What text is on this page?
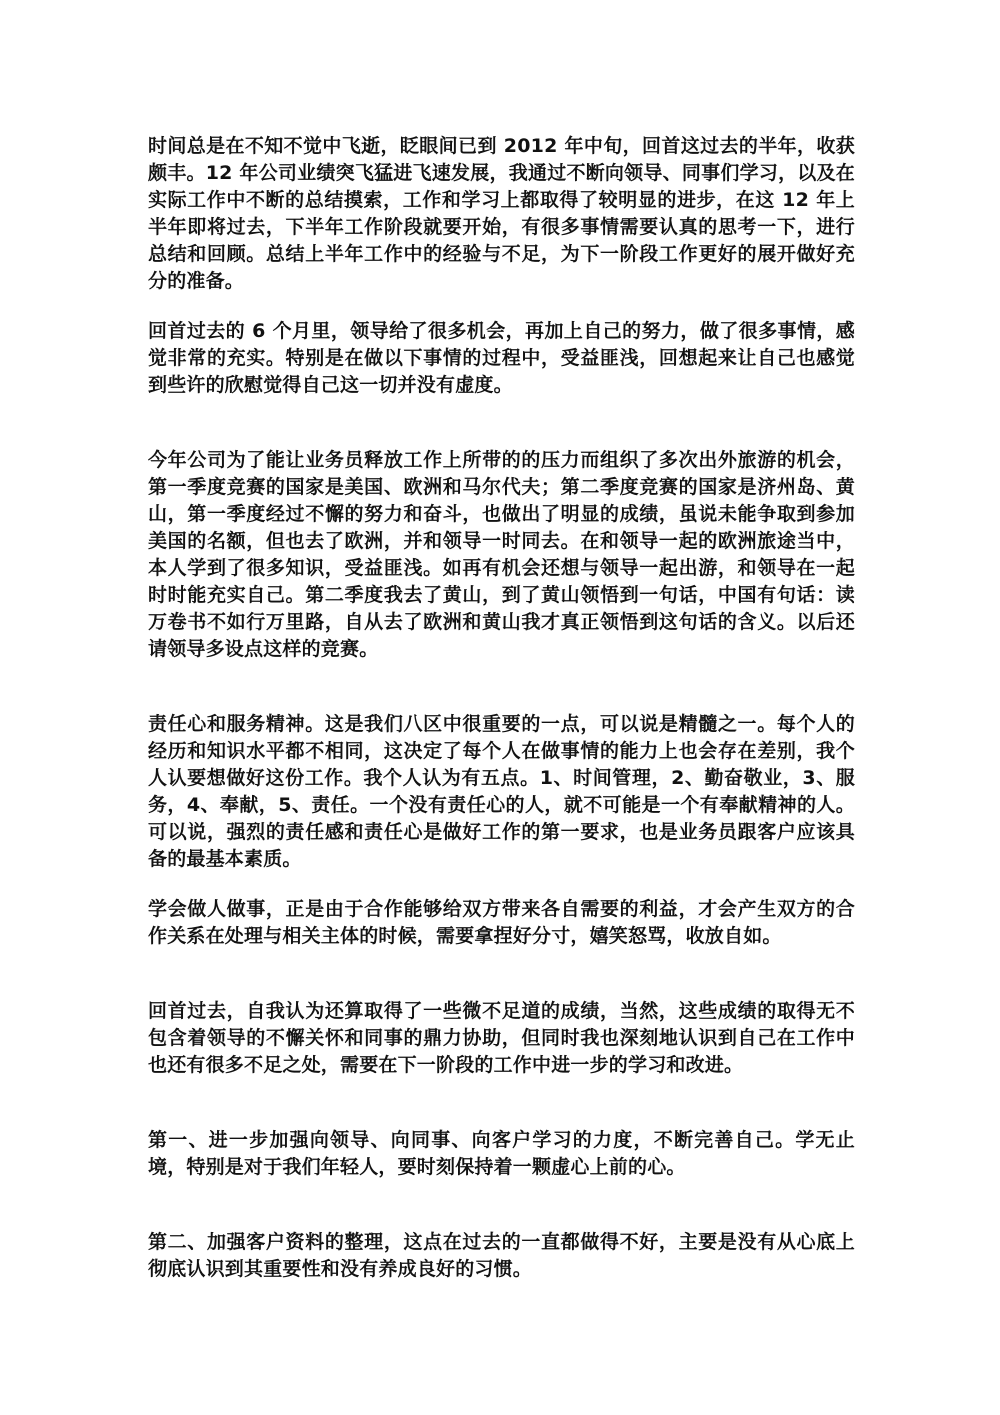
时间总是在不知不觉中飞逝，眨眼间已到 2012 年中旬，回首这过去的半年，收获颇丰。12 年公司业绩突飞猛进飞速发展，我通过不断向领导、同事们学习，以及在实际工作中不断的总结摸索，工作和学习上都取得了较明显的进步，在这 12 年上半年即将过去，下半年工作阶段就要开始，有很多事情需要认真的思考一下，进行总结和回顾。总结上半年工作中的经验与不足，为下一阶段工作更好的展开做好充分的准备。

回首过去的 6 个月里，领导给了很多机会，再加上自己的努力，做了很多事情，感觉非常的充实。特别是在做以下事情的过程中，受益匪浅，回想起来让自己也感觉到些许的欣慰觉得自己这一切并没有虚度。

今年公司为了能让业务员释放工作上所带的的压力而组织了多次出外旅游的机会，第一季度竞赛的国家是美国、欧洲和马尔代夫；第二季度竞赛的国家是济州岛、黄山，第一季度经过不懈的努力和奋斗，也做出了明显的成绩，虽说未能争取到参加美国的名额，但也去了欧洲，并和领导一时同去。在和领导一起的欧洲旅途当中，本人学到了很多知识，受益匪浅。如再有机会还想与领导一起出游，和领导在一起时时能充实自己。第二季度我去了黄山，到了黄山领悟到一句话，中国有句话：读万卷书不如行万里路，自从去了欧洲和黄山我才真正领悟到这句话的含义。以后还请领导多设点这样的竞赛。

责任心和服务精神。这是我们八区中很重要的一点，可以说是精髓之一。每个人的经历和知识水平都不相同，这决定了每个人在做事情的能力上也会存在差别，我个人认要想做好这份工作。我个人认为有五点。1、时间管理，2、勤奋敬业，3、服务，4、奉献，5、责任。一个没有责任心的人，就不可能是一个有奉献精神的人。可以说，强烈的责任感和责任心是做好工作的第一要求，也是业务员跟客户应该具备的最基本素质。

学会做人做事，正是由于合作能够给双方带来各自需要的利益，才会产生双方的合作关系在处理与相关主体的时候，需要拿捏好分寸，嬉笑怒骂，收放自如。

回首过去，自我认为还算取得了一些微不足道的成绩，当然，这些成绩的取得无不包含着领导的不懈关怀和同事的鼎力协助，但同时我也深刻地认识到自己在工作中也还有很多不足之处，需要在下一阶段的工作中进一步的学习和改进。

第一、进一步加强向领导、向同事、向客户学习的力度，不断完善自己。学无止境，特别是对于我们年轻人，要时刻保持着一颗虚心上前的心。

第二、加强客户资料的整理，这点在过去的一直都做得不好，主要是没有从心底上彻底认识到其重要性和没有养成良好的习惯。
